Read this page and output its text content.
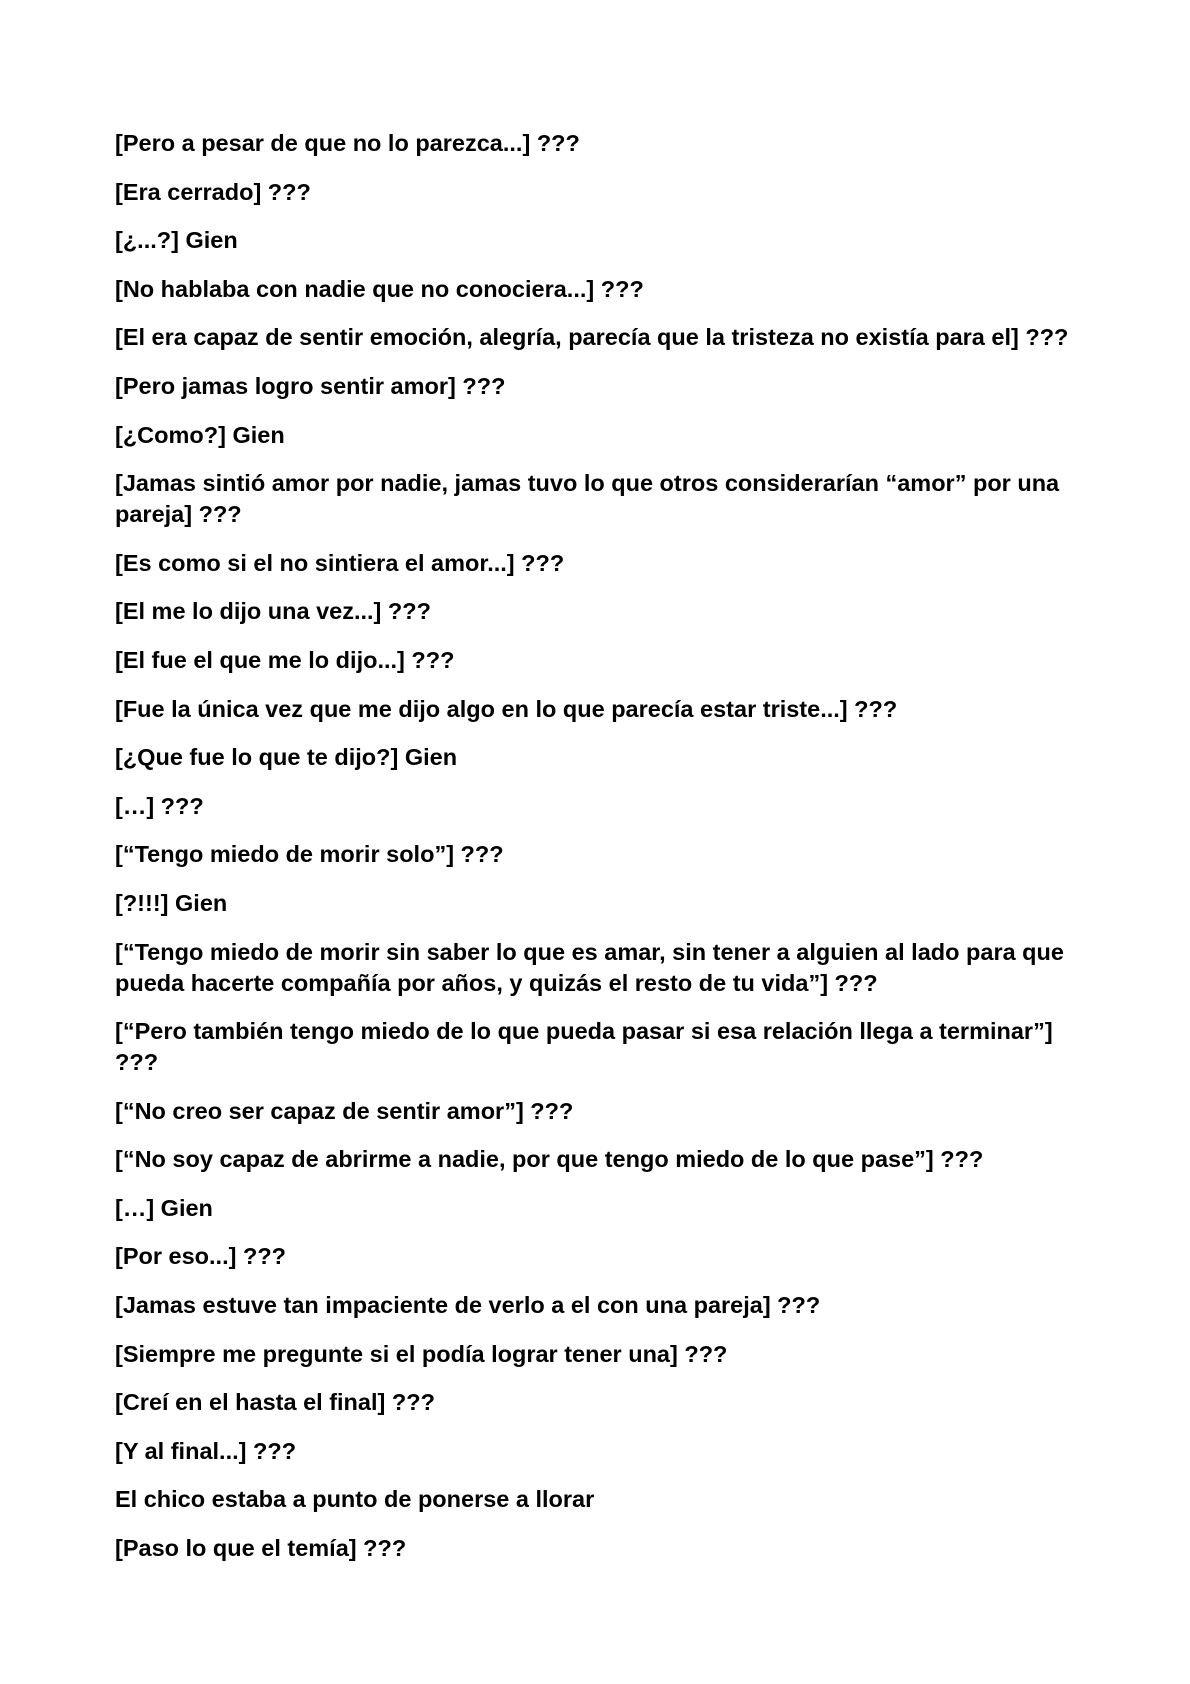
[Pero a pesar de que no lo parezca...] ???

[Era cerrado] ???

[¿...?] Gien

[No hablaba con nadie que no conociera...] ???

[El era capaz de sentir emoción, alegría, parecía que la tristeza no existía para el] ???

[Pero jamas logro sentir amor] ???

[¿Como?] Gien

[Jamas sintió amor por nadie, jamas tuvo lo que otros considerarían “amor” por una pareja] ???

[Es como si el no sintiera el amor...] ???

[El me lo dijo una vez...] ???

[El fue el que me lo dijo...] ???

[Fue la única vez que me dijo algo en lo que parecía estar triste...] ???

[¿Que fue lo que te dijo?] Gien

[…] ???

[“Tengo miedo de morir solo”] ???

[?!!!] Gien

[“Tengo miedo de morir sin saber lo que es amar, sin tener a alguien al lado para que pueda hacerte compañía por años, y quizás el resto de tu vida”] ???

[“Pero también tengo miedo de lo que pueda pasar si esa relación llega a terminar”] ???

[“No creo ser capaz de sentir amor”] ???

[“No soy capaz de abrirme a nadie, por que tengo miedo de lo que pase”] ???

[…] Gien

[Por eso...] ???

[Jamas estuve tan impaciente de verlo a el con una pareja] ???

[Siempre me pregunte si el podía lograr tener una] ???

[Creí en el hasta el final] ???

[Y al final...] ???

El chico estaba a punto de ponerse a llorar

[Paso lo que el temía] ???
